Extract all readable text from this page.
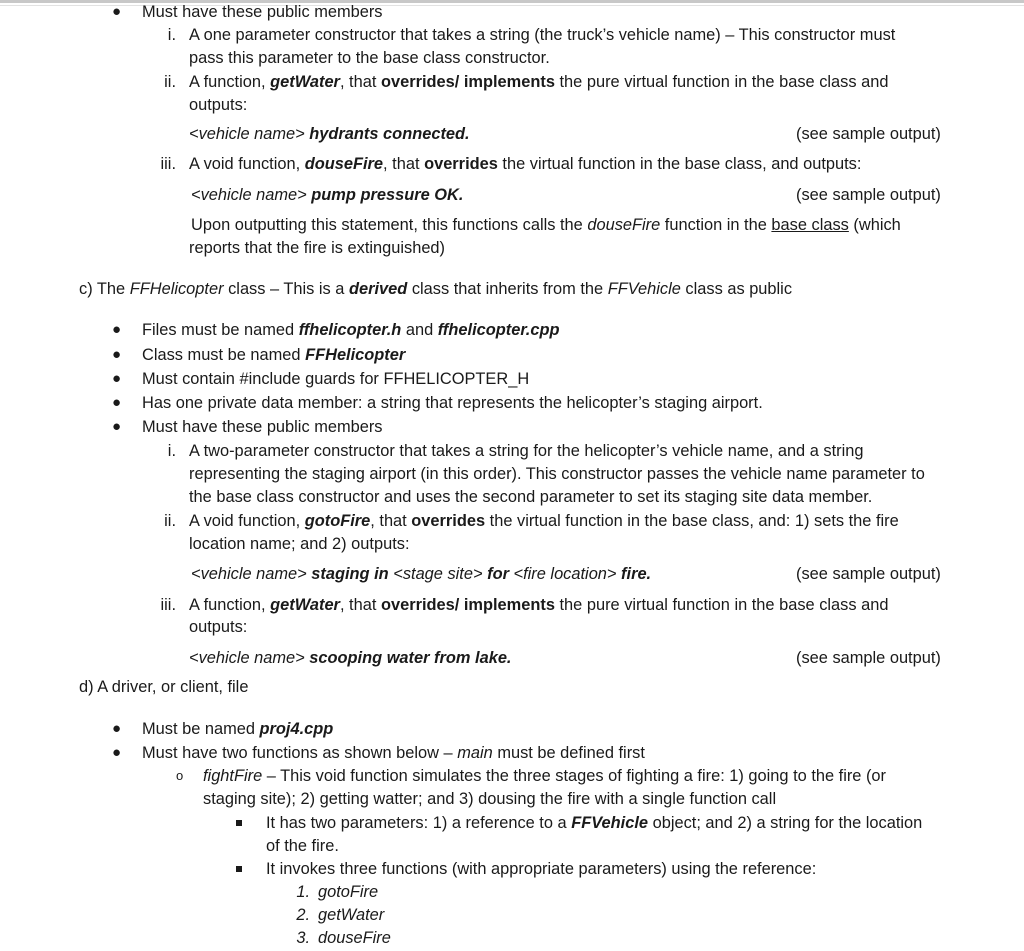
● Must have these public members
i. A one parameter constructor that takes a string (the truck’s vehicle name) – This constructor must
pass this parameter to the base class constructor.
ii. A function, getWater, that overrides/ implements the pure virtual function in the base class and
outputs:
<vehicle name> hydrants connected.	(see sample output)
iii. A void function, douseFire, that overrides the virtual function in the base class, and outputs:
<vehicle name> pump pressure OK.	(see sample output)
Upon outputting this statement, this functions calls the douseFire function in the base class (which
reports that the fire is extinguished)
c) The FFHelicopter class – This is a derived class that inherits from the FFVehicle class as public
● Files must be named ffhelicopter.h and ffhelicopter.cpp
● Class must be named FFHelicopter
● Must contain #include guards for FFHELICOPTER_H
● Has one private data member: a string that represents the helicopter’s staging airport.
● Must have these public members
i. A two-parameter constructor that takes a string for the helicopter’s vehicle name, and a string
representing the staging airport (in this order). This constructor passes the vehicle name parameter to
the base class constructor and uses the second parameter to set its staging site data member.
ii. A void function, gotoFire, that overrides the virtual function in the base class, and: 1) sets the fire
location name; and 2) outputs:
<vehicle name> staging in <stage site> for <fire location> fire.	(see sample output)
iii. A function, getWater, that overrides/ implements the pure virtual function in the base class and
outputs:
<vehicle name> scooping water from lake.	(see sample output)
d) A driver, or client, file
● Must be named proj4.cpp
● Must have two functions as shown below – main must be defined first
o fightFire – This void function simulates the three stages of fighting a fire: 1) going to the fire (or
staging site); 2) getting watter; and 3) dousing the fire with a single function call
It has two parameters: 1) a reference to a FFVehicle object; and 2) a string for the location
of the fire.
It invokes three functions (with appropriate parameters) using the reference:
1. gotoFire
2. getWater
3. douseFire
